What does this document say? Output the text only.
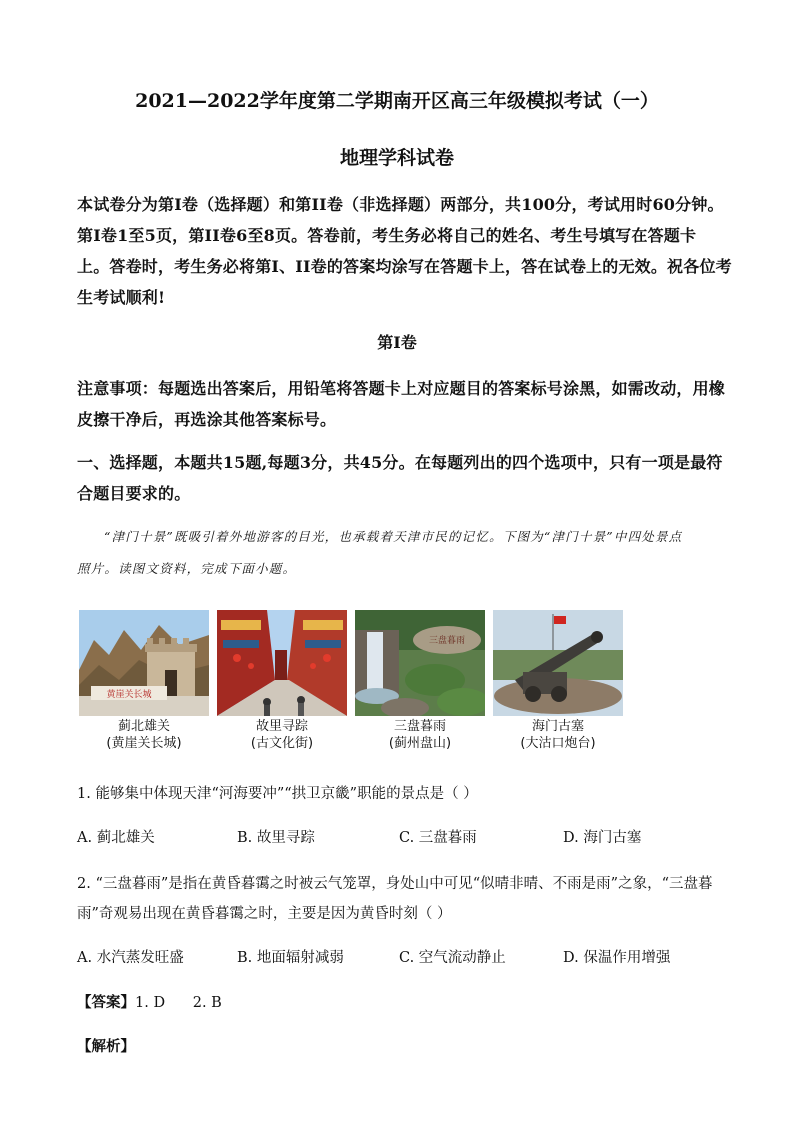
2021—2022学年度第二学期南开区高三年级模拟考试（一）
地理学科试卷
本试卷分为第I卷（选择题）和第II卷（非选择题）两部分，共100分，考试用时60分钟。
第I卷1至5页，第II卷6至8页。答卷前，考生务必将自己的姓名、考生号填写在答题卡
上。答卷时，考生务必将第I、II卷的答案均涂写在答题卡上，答在试卷上的无效。祝各位考
生考试顺利!
第I卷
注意事项：每题选出答案后，用铅笔将答题卡上对应题目的答案标号涂黑，如需改动，用橡
皮擦干净后，再选涂其他答案标号。
一、选择题，本题共15题,每题3分，共45分。在每题列出的四个选项中，只有一项是最符
合题目要求的。
“津门十景”既吸引着外地游客的目光，也承载着天津市民的记忆。下图为“津门十景”中四处景点
照片。读图文资料，完成下面小题。
黄崖关长城
三盘暮雨
蓟北雄关
(黄崖关长城)
故里寻踪
(古文化街)
三盘暮雨
(蓟州盘山)
海门古塞
(大沽口炮台)
1. 能够集中体现天津“河海要冲”“拱卫京畿”职能的景点是（ ）
A. 蓟北雄关	B. 故里寻踪	C. 三盘暮雨	D. 海门古塞
2. “三盘暮雨”是指在黄昏暮霭之时被云气笼罩，身处山中可见“似晴非晴、不雨是雨”之象，“三盘暮
雨”奇观易出现在黄昏暮霭之时，主要是因为黄昏时刻（ ）
A. 水汽蒸发旺盛	B. 地面辐射减弱	C. 空气流动静止	D. 保温作用增强
【答案】1. D      2. B
【解析】
